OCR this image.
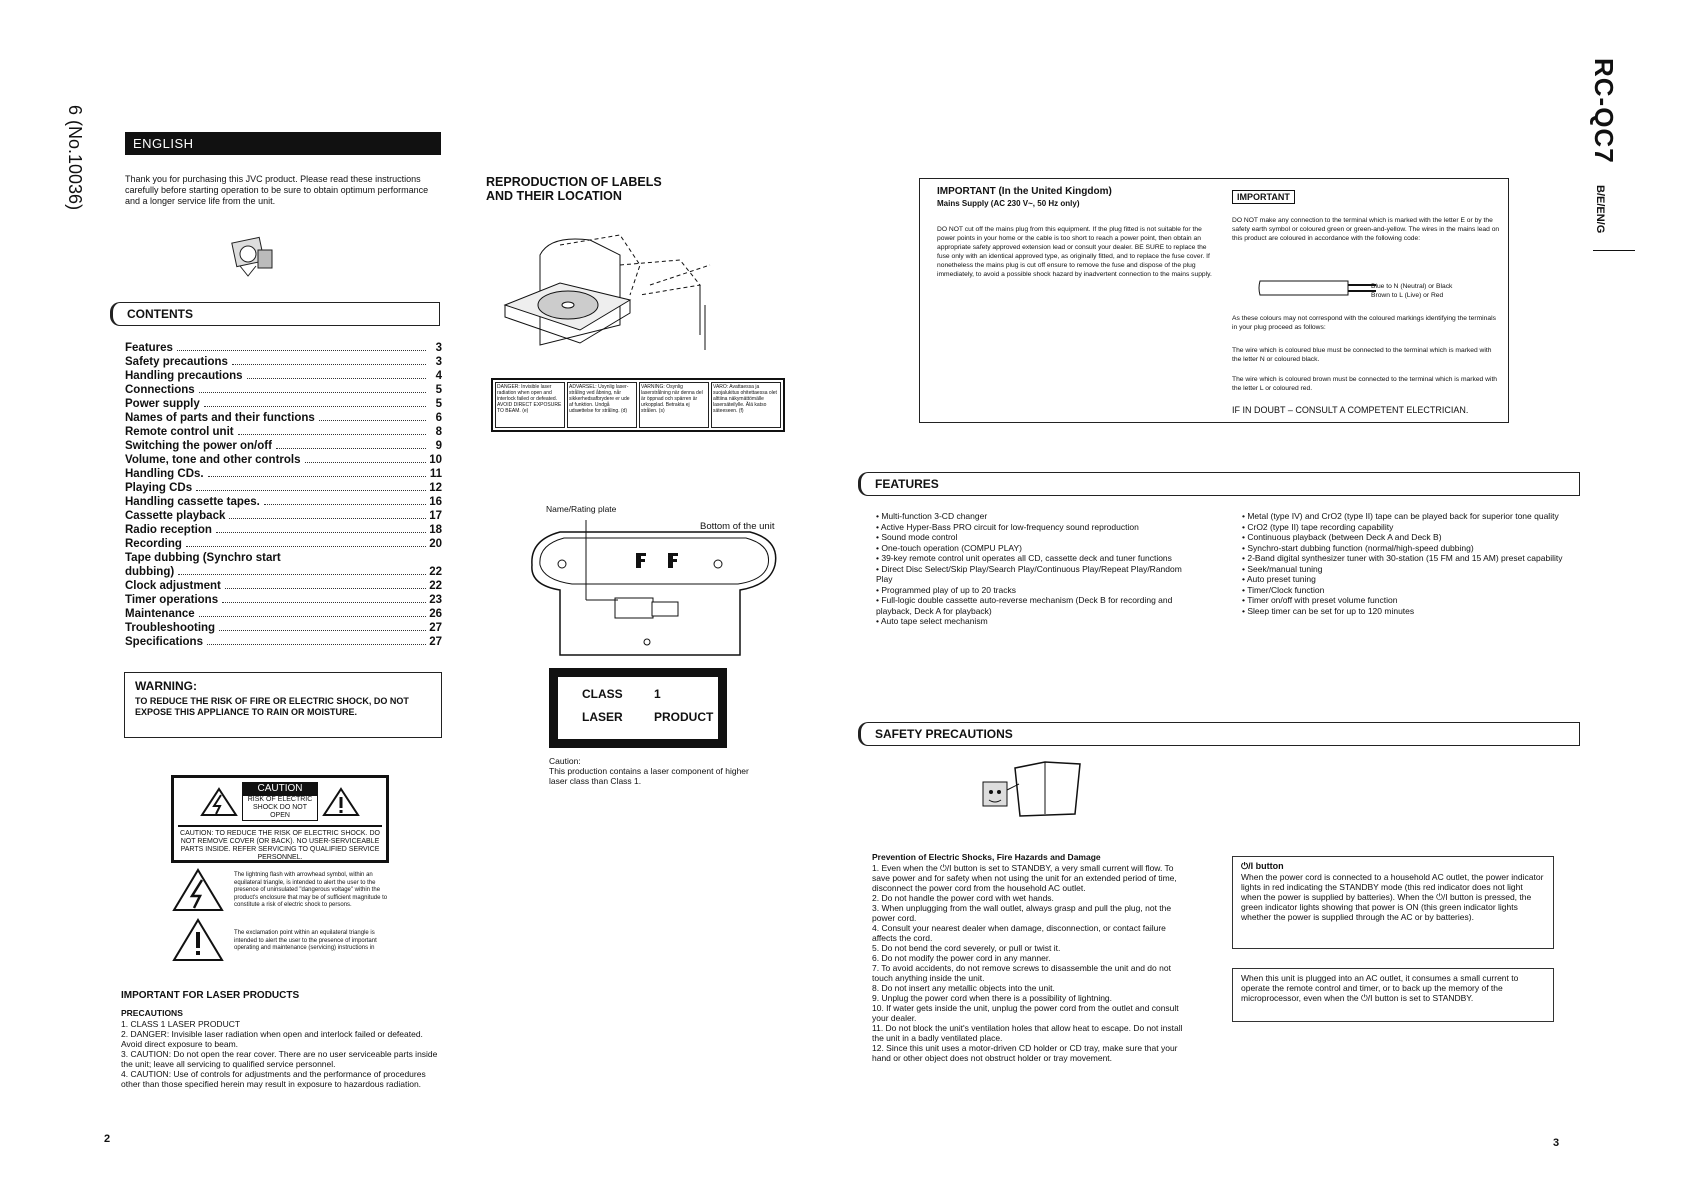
6 (No.10036)	RC-QC7
B/E/EN/G
ENGLISH
Thank you for purchasing this JVC product. Please read these instructions carefully before starting operation to be sure to obtain optimum performance and a longer service life from the unit.
CONTENTS
Features	3
Safety precautions	3
Handling precautions	4
Connections	5
Power supply	5
Names of parts and their functions	6
Remote control unit	8
Switching the power on/off	9
Volume, tone and other controls	10
Handling CDs.	11
Playing CDs	12
Handling cassette tapes.	16
Cassette playback	17
Radio reception	18
Recording	20
Tape dubbing (Synchro start
dubbing)	22
Clock adjustment	22
Timer operations	23
Maintenance	26
Troubleshooting	27
Specifications	27
WARNING:
TO REDUCE THE RISK OF FIRE OR ELECTRIC SHOCK, DO NOT EXPOSE THIS APPLIANCE TO RAIN OR MOISTURE.
CAUTION
RISK OF ELECTRIC SHOCK DO NOT OPEN
CAUTION: TO REDUCE THE RISK OF ELECTRIC SHOCK. DO NOT REMOVE COVER (OR BACK). NO USER-SERVICEABLE PARTS INSIDE. REFER SERVICING TO QUALIFIED SERVICE PERSONNEL.
The lightning flash with arrowhead symbol, within an equilateral triangle, is intended to alert the user to the presence of uninsulated "dangerous voltage" within the product's enclosure that may be of sufficient magnitude to constitute a risk of electric shock to persons.
The exclamation point within an equilateral triangle is intended to alert the user to the presence of important operating and maintenance (servicing) instructions in
IMPORTANT FOR LASER PRODUCTS
PRECAUTIONS
1. CLASS 1 LASER PRODUCT
2. DANGER: Invisible laser radiation when open and interlock failed or defeated. Avoid direct exposure to beam.
3. CAUTION: Do not open the rear cover. There are no user serviceable parts inside the unit; leave all servicing to qualified service personnel.
4. CAUTION: Use of controls for adjustments and the performance of procedures other than those specified herein may result in exposure to hazardous radiation.
2
REPRODUCTION OF LABELS AND THEIR LOCATION
DANGER: Invisible laser radiation when open and interlock failed or defeated. AVOID DIRECT EXPOSURE TO BEAM. (e)
ADVARSEL: Usynlig laser-stråling ved åbning, når sikkerhedsafbrydere er ude af funktion. Undgå udsættelse for stråling. (d)
VARNING: Osynlig laserstrålning när denna del är öppnad och spärren är urkopplad. Betrakta ej strålen. (s)
VARO: Avattaessa ja suojalukitus ohitettaessa olet alttiina näkymättömälle lasersäteilylle. Älä katso säteeseen. (f)
Name/Rating plate
Bottom of the unit
CLASS	1
LASER	PRODUCT
Caution:
This production contains a laser component of higher laser class than Class 1.
IMPORTANT (In the United Kingdom)
Mains Supply (AC 230 V~, 50 Hz only)
DO NOT cut off the mains plug from this equipment. If the plug fitted is not suitable for the power points in your home or the cable is too short to reach a power point, then obtain an appropriate safety approved extension lead or consult your dealer. BE SURE to replace the fuse only with an identical approved type, as originally fitted, and to replace the fuse cover. If nonetheless the mains plug is cut off ensure to remove the fuse and dispose of the plug immediately, to avoid a possible shock hazard by inadvertent connection to the mains supply.
IMPORTANT
DO NOT make any connection to the terminal which is marked with the letter E or by the safety earth symbol or coloured green or green-and-yellow. The wires in the mains lead on this product are coloured in accordance with the following code:
Blue to N (Neutral) or Black
Brown to L (Live) or Red
As these colours may not correspond with the coloured markings identifying the terminals in your plug proceed as follows:
The wire which is coloured blue must be connected to the terminal which is marked with the letter N or coloured black.
The wire which is coloured brown must be connected to the terminal which is marked with the letter L or coloured red.
IF IN DOUBT – CONSULT A COMPETENT ELECTRICIAN.
FEATURES
• Multi-function 3-CD changer
• Active Hyper-Bass PRO circuit for low-frequency sound reproduction
• Sound mode control
• One-touch operation (COMPU PLAY)
• 39-key remote control unit operates all CD, cassette deck and tuner functions
• Direct Disc Select/Skip Play/Search Play/Continuous Play/Repeat Play/Random Play
• Programmed play of up to 20 tracks
• Full-logic double cassette auto-reverse mechanism (Deck B for recording and playback, Deck A for playback)
• Auto tape select mechanism
• Metal (type IV) and CrO2 (type II) tape can be played back for superior tone quality
• CrO2 (type II) tape recording capability
• Continuous playback (between Deck A and Deck B)
• Synchro-start dubbing function (normal/high-speed dubbing)
• 2-Band digital synthesizer tuner with 30-station (15 FM and 15 AM) preset capability
• Seek/manual tuning
• Auto preset tuning
• Timer/Clock function
• Timer on/off with preset volume function
• Sleep timer can be set for up to 120 minutes
SAFETY PRECAUTIONS
Prevention of Electric Shocks, Fire Hazards and Damage
1. Even when the ⏻/I button is set to STANDBY, a very small current will flow. To save power and for safety when not using the unit for an extended period of time, disconnect the power cord from the household AC outlet.
2. Do not handle the power cord with wet hands.
3. When unplugging from the wall outlet, always grasp and pull the plug, not the power cord.
4. Consult your nearest dealer when damage, disconnection, or contact failure affects the cord.
5. Do not bend the cord severely, or pull or twist it.
6. Do not modify the power cord in any manner.
7. To avoid accidents, do not remove screws to disassemble the unit and do not touch anything inside the unit.
8. Do not insert any metallic objects into the unit.
9. Unplug the power cord when there is a possibility of lightning.
10. If water gets inside the unit, unplug the power cord from the outlet and consult your dealer.
11. Do not block the unit's ventilation holes that allow heat to escape. Do not install the unit in a badly ventilated place.
12. Since this unit uses a motor-driven CD holder or CD tray, make sure that your hand or other object does not obstruct holder or tray movement.
⏻/I button
When the power cord is connected to a household AC outlet, the power indicator lights in red indicating the STANDBY mode (this red indicator does not light when the power is supplied by batteries). When the ⏻/I button is pressed, the green indicator lights showing that power is ON (this green indicator lights whether the power is supplied through the AC or by batteries).
When this unit is plugged into an AC outlet, it consumes a small current to operate the remote control and timer, or to back up the memory of the microprocessor, even when the ⏻/I button is set to STANDBY.
3
